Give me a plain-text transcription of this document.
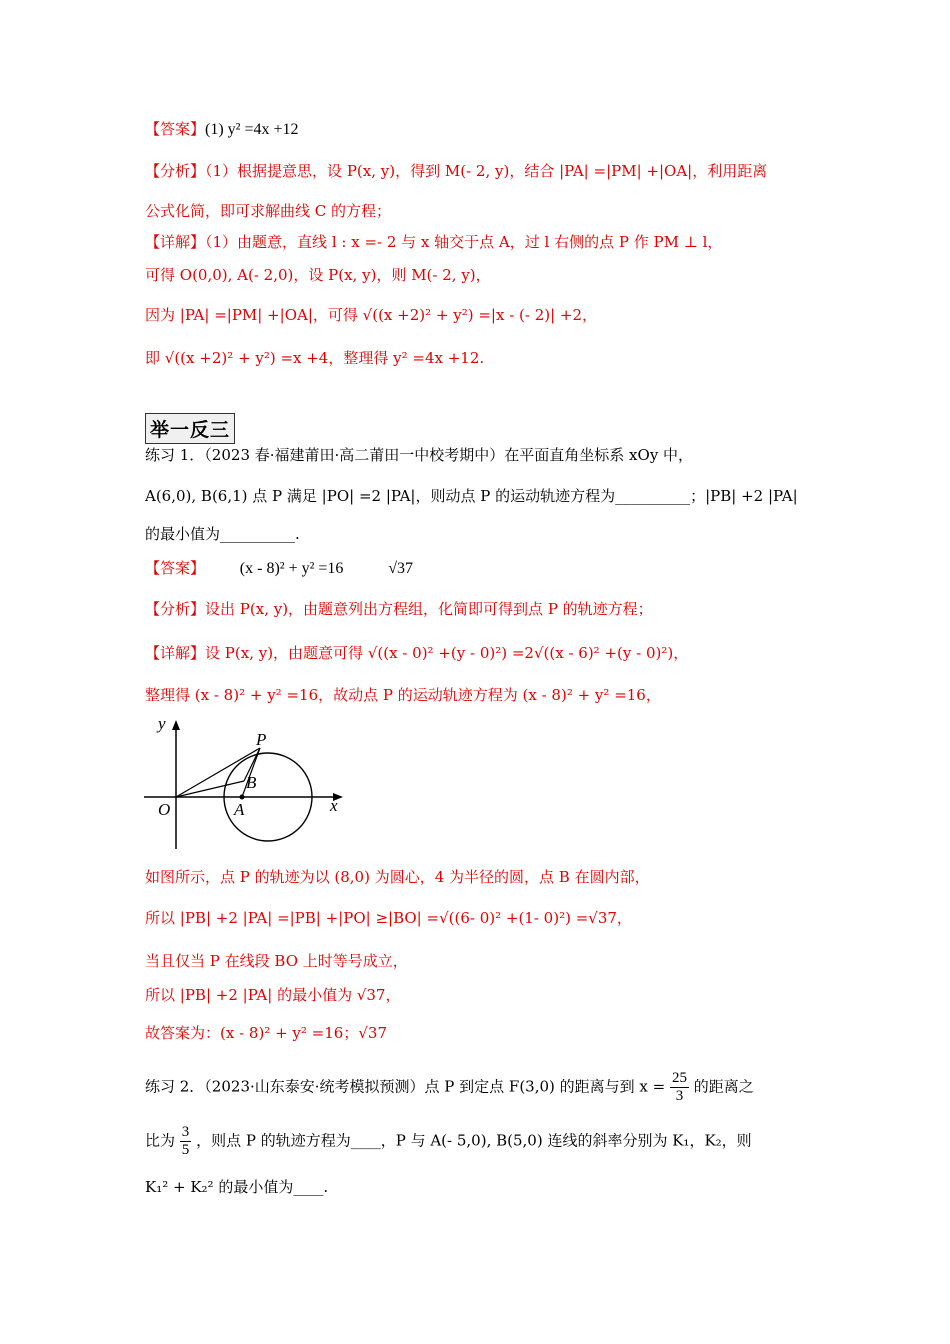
【答案】(1) y² =4x +12
【分析】（1）根据提意思，设 P(x, y)，得到 M(- 2, y)，结合 |PA| =|PM| +|OA|，利用距离
公式化简，即可求解曲线 C 的方程；
【详解】（1）由题意，直线 l : x =- 2 与 x 轴交于点 A，过 l 右侧的点 P 作 PM ⊥ l，
可得 O(0,0), A(- 2,0)，设 P(x, y)，则 M(- 2, y)，
因为 |PA| =|PM| +|OA|，可得 √((x +2)² + y²) =|x - (- 2)| +2，
即 √((x +2)² + y²) =x +4，整理得 y² =4x +12.
举一反三
练习 1．（2023 春·福建莆田·高二莆田一中校考期中）在平面直角坐标系 xOy 中，
A(6,0), B(6,1) 点 P 满足 |PO| =2 |PA|，则动点 P 的运动轨迹方程为__________；|PB| +2 |PA|
的最小值为__________.
【答案】 (x - 8)² + y² =16	√37
【分析】设出 P(x, y)，由题意列出方程组，化简即可得到点 P 的轨迹方程；
【详解】设 P(x, y)，由题意可得 √((x - 0)² +(y - 0)²) =2√((x - 6)² +(y - 0)²)，
整理得 (x - 8)² + y² =16，故动点 P 的运动轨迹方程为 (x - 8)² + y² =16，
y
x
O	A
B
P
如图所示，点 P 的轨迹为以 (8,0) 为圆心，4 为半径的圆，点 B 在圆内部，
所以 |PB| +2 |PA| =|PB| +|PO| ≥|BO| =√((6- 0)² +(1- 0)²) =√37，
当且仅当 P 在线段 BO 上时等号成立，
所以 |PB| +2 |PA| 的最小值为 √37，
故答案为：(x - 8)² + y² =16；√37
练习 2．（2023·山东泰安·统考模拟预测）点 P 到定点 F(3,0) 的距离与到 $x = \frac{25}{3}$ 的距离之
比为 $\frac{3}{5}$ ，则点 P 的轨迹方程为____，P 与 A(- 5,0), B(5,0) 连线的斜率分别为 K₁，K₂，则
K₁² + K₂² 的最小值为____.
